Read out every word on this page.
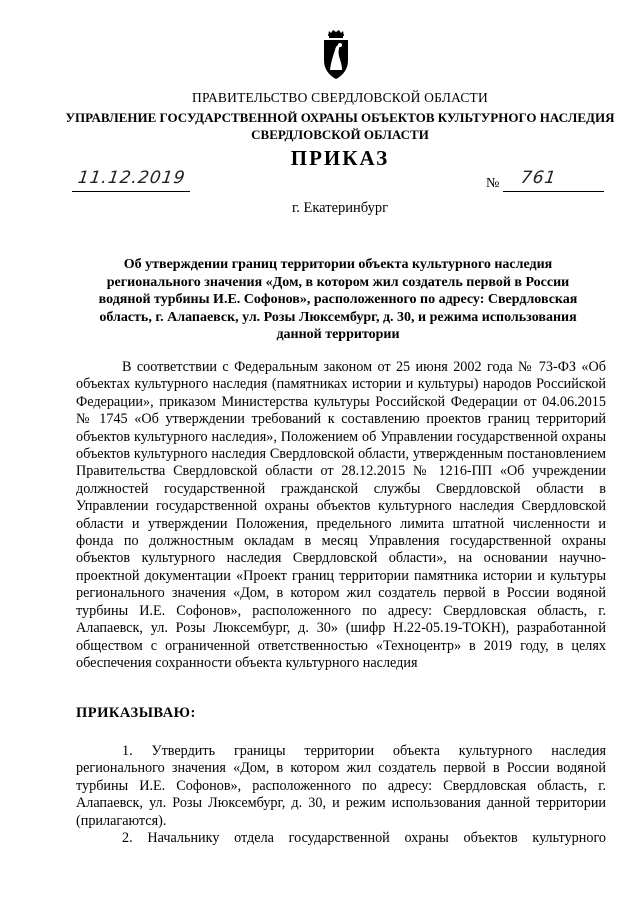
ПРАВИТЕЛЬСТВО СВЕРДЛОВСКОЙ ОБЛАСТИ
УПРАВЛЕНИЕ ГОСУДАРСТВЕННОЙ ОХРАНЫ ОБЪЕКТОВ КУЛЬТУРНОГО НАСЛЕДИЯ
СВЕРДЛОВСКОЙ ОБЛАСТИ
ПРИКАЗ
11.12.2019	№ 761
г. Екатеринбург
Об утверждении границ территории объекта культурного наследия регионального значения «Дом, в котором жил создатель первой в России водяной турбины И.Е. Софонов», расположенного по адресу: Свердловская область, г. Алапаевск, ул. Розы Люксембург, д. 30, и режима использования данной территории
В соответствии с Федеральным законом от 25 июня 2002 года № 73-ФЗ «Об объектах культурного наследия (памятниках истории и культуры) народов Российской Федерации», приказом Министерства культуры Российской Федерации от 04.06.2015 № 1745 «Об утверждении требований к составлению проектов границ территорий объектов культурного наследия», Положением об Управлении государственной охраны объектов культурного наследия Свердловской области, утвержденным постановлением Правительства Свердловской области от 28.12.2015 № 1216-ПП «Об учреждении должностей государственной гражданской службы Свердловской области в Управлении государственной охраны объектов культурного наследия Свердловской области и утверждении Положения, предельного лимита штатной численности и фонда по должностным окладам в месяц Управления государственной охраны объектов культурного наследия Свердловской области», на основании научно-проектной документации «Проект границ территории памятника истории и культуры регионального значения «Дом, в котором жил создатель первой в России водяной турбины И.Е. Софонов», расположенного по адресу: Свердловская область, г. Алапаевск, ул. Розы Люксембург, д. 30» (шифр Н.22-05.19-ТОКН), разработанной обществом с ограниченной ответственностью «Техноцентр» в 2019 году, в целях обеспечения сохранности объекта культурного наследия
ПРИКАЗЫВАЮ:
1. Утвердить границы территории объекта культурного наследия регионального значения «Дом, в котором жил создатель первой в России водяной турбины И.Е. Софонов», расположенного по адресу: Свердловская область, г. Алапаевск, ул. Розы Люксембург, д. 30, и режим использования данной территории (прилагаются).
2. Начальнику отдела государственной охраны объектов культурного
